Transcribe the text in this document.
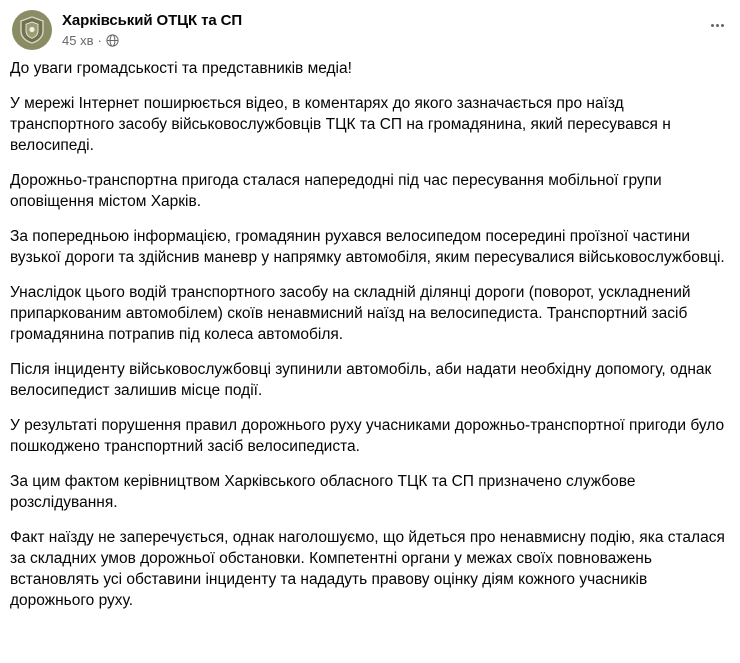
Харківський ОТЦК та СП
45 хв ·

До уваги громадськості та представників медіа!

У мережі Інтернет поширюється відео, в коментарях до якого зазначається про наїзд транспортного засобу військовослужбовців ТЦК та СП на громадянина, який пересувався н велосипеді.

Дорожньо-транспортна пригода сталася напередодні під час пересування мобільної групи оповіщення містом Харків.

За попередньою інформацією, громадянин рухався велосипедом посередині проїзної частини вузької дороги та здійснив маневр у напрямку автомобіля, яким пересувалися військовослужбовці.

Унаслідок цього водій транспортного засобу на складній ділянці дороги (поворот, ускладнений припаркованим автомобілем) скоїв ненавмисний наїзд на велосипедиста. Транспортний засіб громадянина потрапив під колеса автомобіля.

Після інциденту військовослужбовці зупинили автомобіль, аби надати необхідну допомогу, однак велосипедист залишив місце події.

У результаті порушення правил дорожнього руху учасниками дорожньо-транспортної пригоди було пошкоджено транспортний засіб велосипедиста.

За цим фактом керівництвом Харківського обласного ТЦК та СП призначено службове розслідування.

Факт наїзду не заперечується, однак наголошуємо, що йдеться про ненавмисну подію, яка сталася за складних умов дорожньої обстановки. Компетентні органи у межах своїх повноважень встановлять усі обставини інциденту та нададуть правову оцінку діям кожного учасників дорожнього руху.
